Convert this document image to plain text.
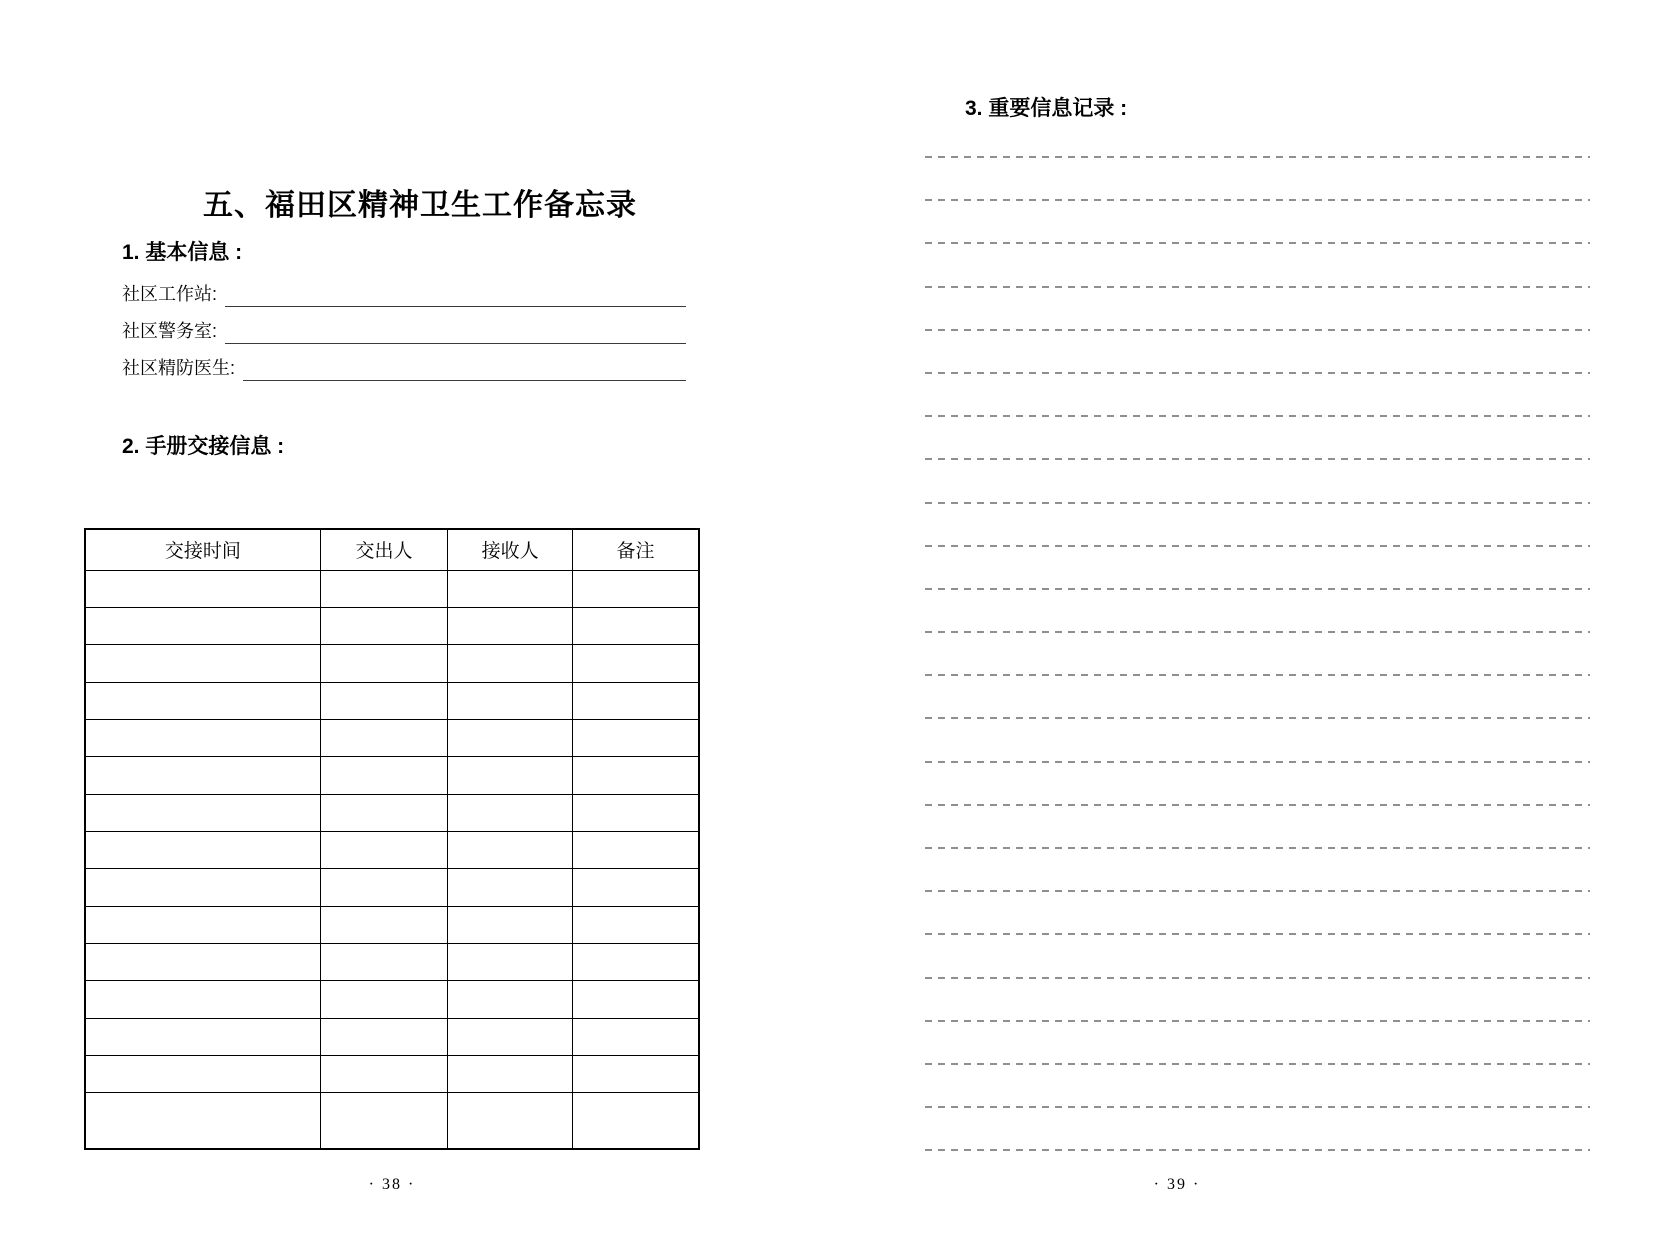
五、福田区精神卫生工作备忘录
1. 基本信息 :
社区工作站:
社区警务室:
社区精防医生:
2. 手册交接信息 :
交接时间	交出人	接收人	备注

· 38 ·
3. 重要信息记录 :
· 39 ·
